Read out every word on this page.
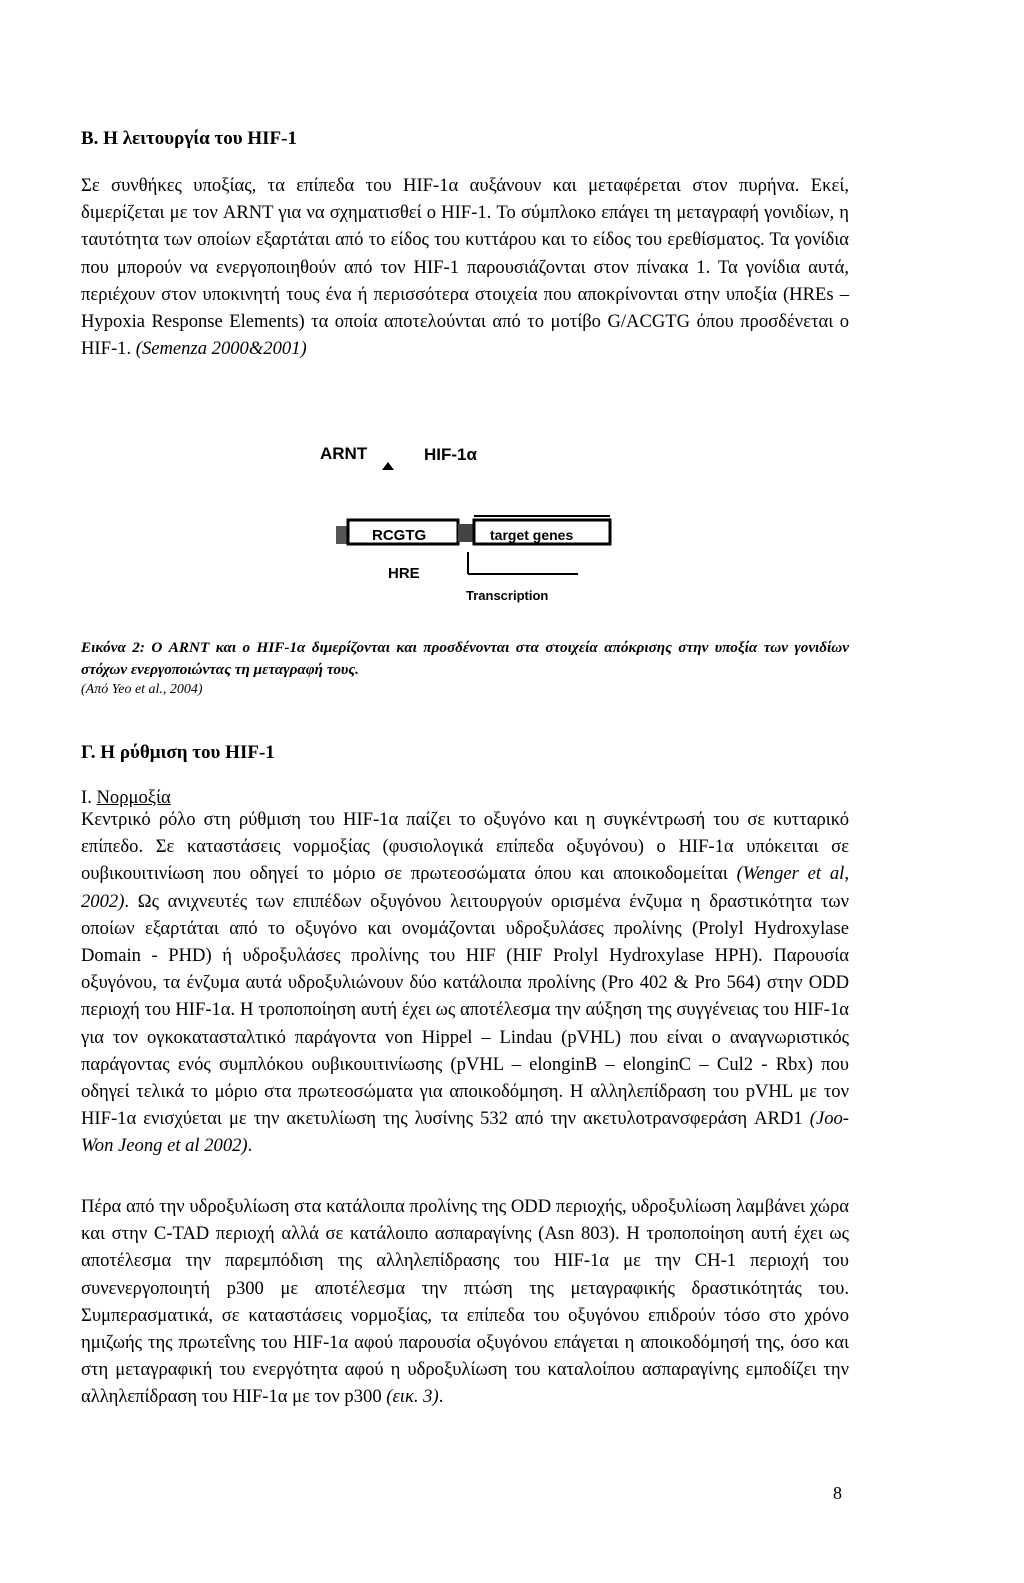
Β. Η λειτουργία του HIF-1

Σε συνθήκες υποξίας, τα επίπεδα του HIF-1α αυξάνουν και μεταφέρεται στον πυρήνα. Εκεί, διμερίζεται με τον ARNT για να σχηματισθεί ο HIF-1. Το σύμπλοκο επάγει τη μεταγραφή γονιδίων, η ταυτότητα των οποίων εξαρτάται από το είδος του κυττάρου και το είδος του ερεθίσματος. Τα γονίδια που μπορούν να ενεργοποιηθούν από τον HIF-1 παρουσιάζονται στον πίνακα 1. Τα γονίδια αυτά, περιέχουν στον υποκινητή τους ένα ή περισσότερα στοιχεία που αποκρίνονται στην υποξία (HREs – Hypoxia Response Elements) τα οποία αποτελούνται από το μοτίβο G/ACGTG όπου προσδένεται ο HIF-1. (Semenza 2000&2001)

ARNT	HIF-1α
RCGTG	target genes
HRE
Transcription

Εικόνα 2: Ο ARNT και ο HIF-1α διμερίζονται και προσδένονται στα στοιχεία απόκρισης στην υποξία των γονιδίων στόχων ενεργοποιώντας τη μεταγραφή τους.

(Από Yeo et al., 2004)
Γ. Η ρύθμιση του HIF-1
Ι. Νορμοξία

Κεντρικό ρόλο στη ρύθμιση του HIF-1α παίζει το οξυγόνο και η συγκέντρωσή του σε κυτταρικό επίπεδο. Σε καταστάσεις νορμοξίας (φυσιολογικά επίπεδα οξυγόνου) ο HIF-1α υπόκειται σε ουβικουιτινίωση που οδηγεί το μόριο σε πρωτεοσώματα όπου και αποικοδομείται (Wenger et al, 2002). Ως ανιχνευτές των επιπέδων οξυγόνου λειτουργούν ορισμένα ένζυμα η δραστικότητα των οποίων εξαρτάται από το οξυγόνο και ονομάζονται υδροξυλάσες προλίνης (Prolyl Hydroxylase Domain - PHD) ή υδροξυλάσες προλίνης του HIF (HIF Prolyl Hydroxylase HPH). Παρουσία οξυγόνου, τα ένζυμα αυτά υδροξυλιώνουν δύο κατάλοιπα προλίνης (Pro 402 & Pro 564) στην ODD περιοχή του HIF-1α. Η τροποποίηση αυτή έχει ως αποτέλεσμα την αύξηση της συγγένειας του HIF-1α για τον ογκοκατασταλτικό παράγοντα von Hippel – Lindau (pVHL) που είναι ο αναγνωριστικός παράγοντας ενός συμπλόκου ουβικουιτινίωσης (pVHL – elonginB – elonginC – Cul2 - Rbx) που οδηγεί τελικά το μόριο στα πρωτεοσώματα για αποικοδόμηση. Η αλληλεπίδραση του pVHL με τον HIF-1α ενισχύεται με την ακετυλίωση της λυσίνης 532 από την ακετυλοτρανσφεράση ARD1 (Joo-Won Jeong et al 2002).

Πέρα από την υδροξυλίωση στα κατάλοιπα προλίνης της ODD περιοχής, υδροξυλίωση λαμβάνει χώρα και στην C-TAD περιοχή αλλά σε κατάλοιπο ασπαραγίνης (Asn 803). Η τροποποίηση αυτή έχει ως αποτέλεσμα την παρεμπόδιση της αλληλεπίδρασης του HIF-1α με την CH-1 περιοχή του συνενεργοποιητή p300 με αποτέλεσμα την πτώση της μεταγραφικής δραστικότητάς του. Συμπερασματικά, σε καταστάσεις νορμοξίας, τα επίπεδα του οξυγόνου επιδρούν τόσο στο χρόνο ημιζωής της πρωτεΐνης του HIF-1α αφού παρουσία οξυγόνου επάγεται η αποικοδόμησή της, όσο και στη μεταγραφική του ενεργότητα αφού η υδροξυλίωση του καταλοίπου ασπαραγίνης εμποδίζει την αλληλεπίδραση του HIF-1α με τον p300 (εικ. 3).

8
